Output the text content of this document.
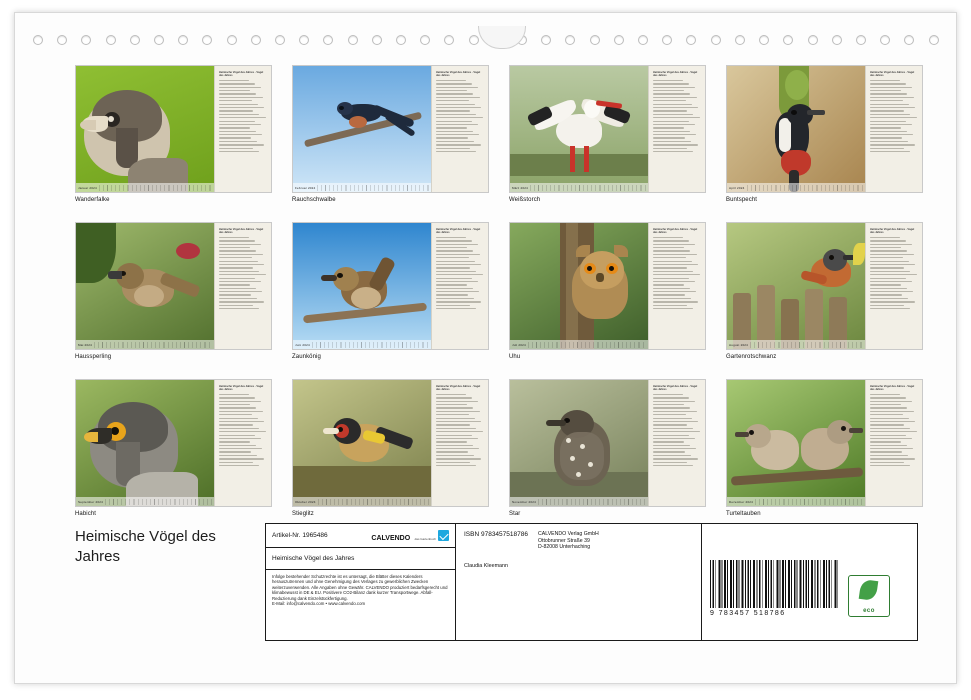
Januar 2024
Heimische Vögel des Jahres · Vogel des Jahres
Wanderfalke
Februar 2024
Heimische Vögel des Jahres · Vogel des Jahres
Rauchschwalbe
März 2024
Heimische Vögel des Jahres · Vogel des Jahres
Weißstorch
April 2024
Heimische Vögel des Jahres · Vogel des Jahres
Buntspecht
Mai 2024
Heimische Vögel des Jahres · Vogel des Jahres
Haussperling
Juni 2024
Heimische Vögel des Jahres · Vogel des Jahres
Zaunkönig
Juli 2024
Heimische Vögel des Jahres · Vogel des Jahres
Uhu
August 2024
Heimische Vögel des Jahres · Vogel des Jahres
Gartenrotschwanz
September 2024
Heimische Vögel des Jahres · Vogel des Jahres
Habicht
Oktober 2024
Heimische Vögel des Jahres · Vogel des Jahres
Stieglitz
November 2024
Heimische Vögel des Jahres · Vogel des Jahres
Star
Dezember 2024
Heimische Vögel des Jahres · Vogel des Jahres
Turteltauben
Heimische Vögel des Jahres
Artikel-Nr. 1965486	CALVENDO das Gartenbuch
Heimische Vögel des Jahres
Infolge bestehender Schutzrechte ist es untersagt, die Blätter dieses Kalenders herauszutrennen und ohne Genehmigung des Verlages zu gewerblichen Zwecken weiterzuverwenden. Alle Angaben ohne Gewähr. CALVENDO produziert bedarfsgerecht und klimabewusst in DE & EU. Positivere CO2-Bilanz dank kurzer Transportwege. Abfall-Reduzierung dank Einzelstückfertigung.
E-Mail: info@calvendo.com • www.calvendo.com
ISBN 9783457518786 CALVENDO Verlag GmbH
Ottobrunner Straße 39
D-82008 Unterhaching
Claudia Kleemann
9 783457 518786	eco
